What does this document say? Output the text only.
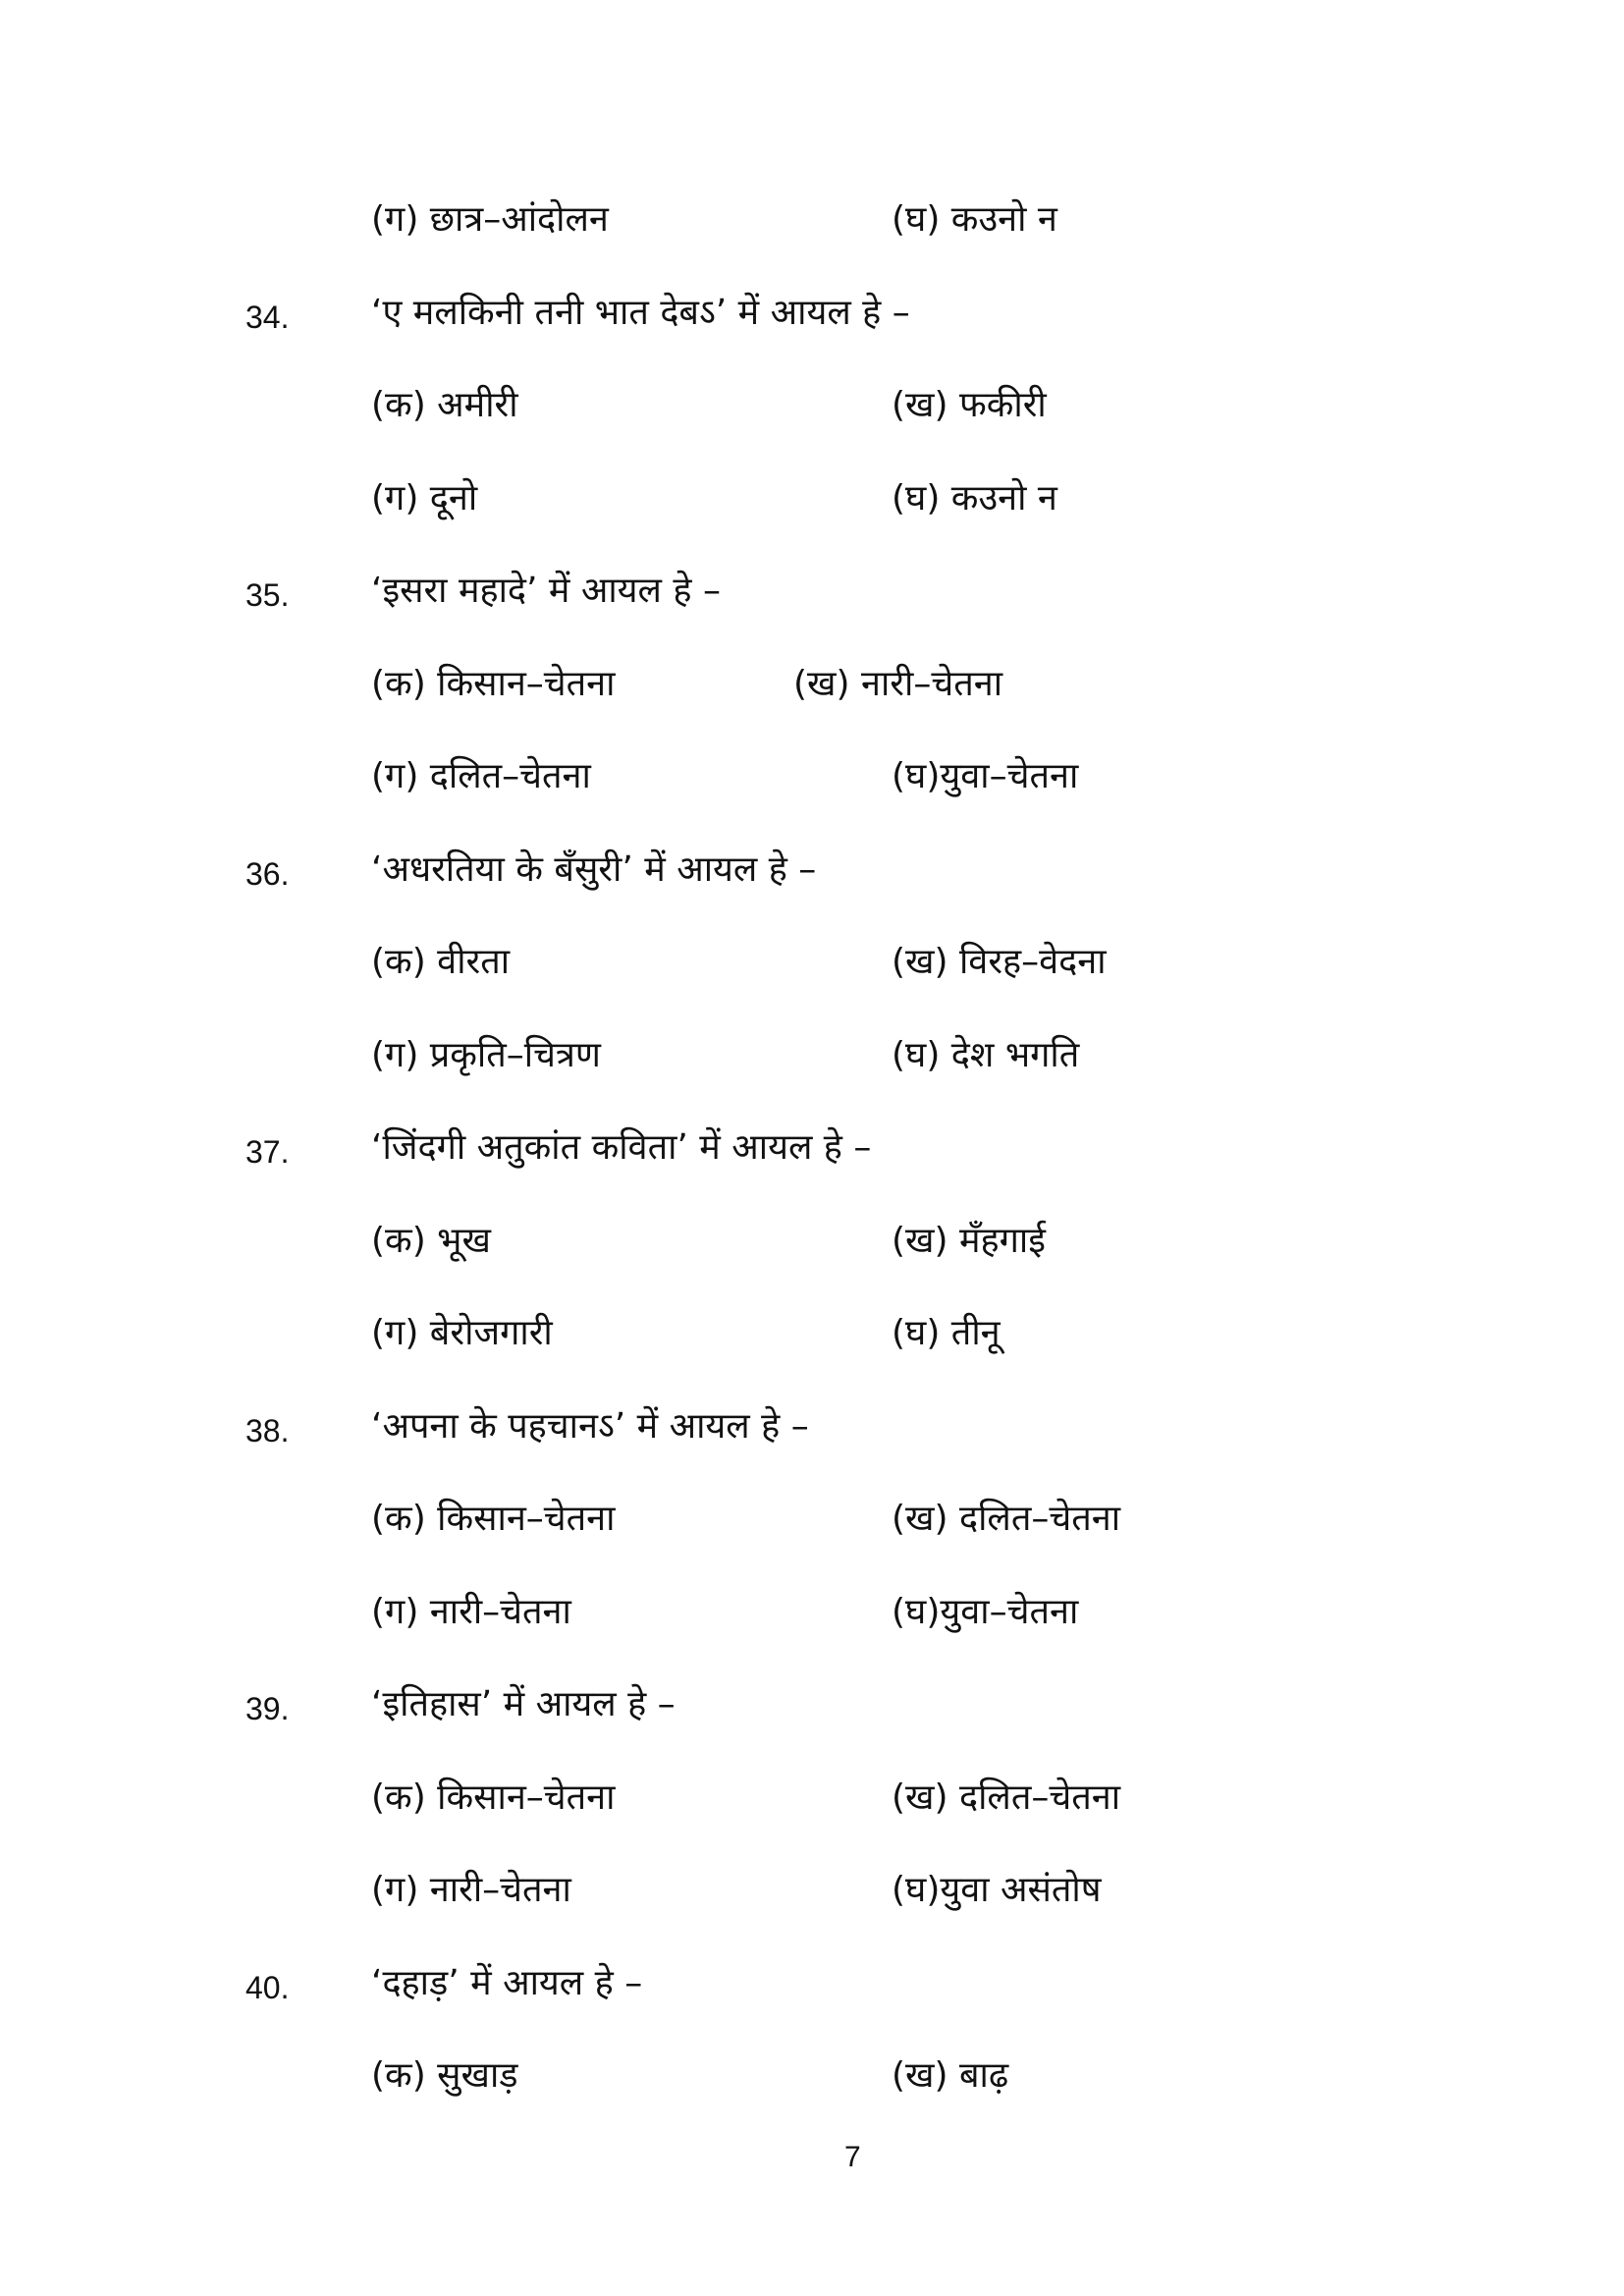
(ग) छात्र–आंदोलन	(घ) कउनो न
34. ‘ए मलकिनी तनी भात देबऽ’ में आयल हे –
(क) अमीरी	(ख) फकीरी
(ग) दूनो	(घ) कउनो न
35. ‘इसरा महादे’ में आयल हे –
(क) किसान–चेतना	(ख) नारी–चेतना
(ग) दलित–चेतना	(घ)युवा–चेतना
36. ‘अधरतिया के बँसुरी’ में आयल हे –
(क) वीरता	(ख) विरह–वेदना
(ग) प्रकृति–चित्रण	(घ) देश भगति
37. ‘जिंदगी अतुकांत कविता’ में आयल हे –
(क) भूख	(ख) मँहगाई
(ग) बेरोजगारी	(घ) तीनू
38. ‘अपना के पहचानऽ’ में आयल हे –
(क) किसान–चेतना	(ख) दलित–चेतना
(ग) नारी–चेतना	(घ)युवा–चेतना
39. ‘इतिहास’ में आयल हे –
(क) किसान–चेतना	(ख) दलित–चेतना
(ग) नारी–चेतना	(घ)युवा असंतोष
40. ‘दहाड़’ में आयल हे –
(क) सुखाड़	(ख) बाढ़
7
